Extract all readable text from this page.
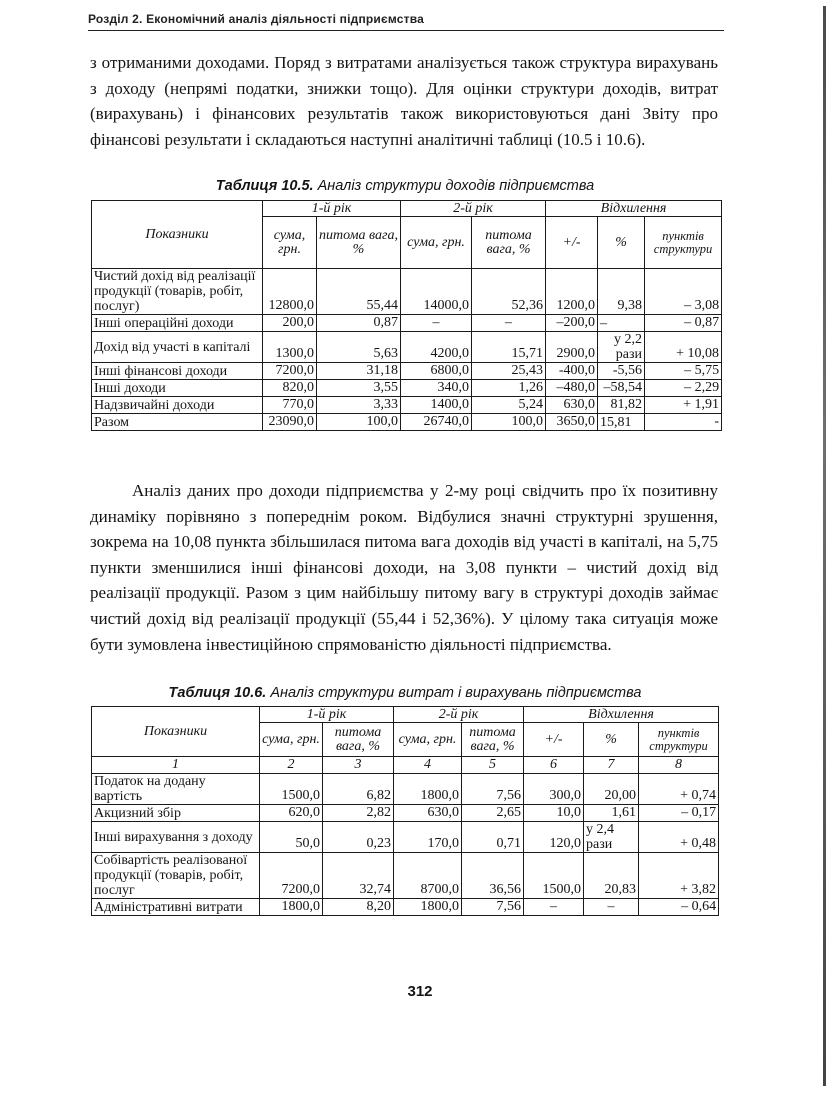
Розділ 2. Економічний аналіз діяльності підприємства

з отриманими доходами. Поряд з витратами аналізується також структура вирахувань з доходу (непрямі податки, знижки тощо). Для оцінки структури доходів, витрат (вирахувань) і фінансових результатів також використовуються дані Звіту про фінансові результати і складаються наступні аналітичні таблиці (10.5 і 10.6).

Таблиця 10.5. Аналіз структури доходів підприємства
Показники	1-й рік		2-й рік		Відхилення		
	сума, грн.	питома вага, %	сума, грн.	питома вага, %	+/-	%	пунктів структури
Чистий дохід від реалізації продукції (товарів, робіт, послуг)	12800,0	55,44	14000,0	52,36	1200,0	9,38	– 3,08
Інші операційні доходи	200,0	0,87	–	–	–200,0	–	– 0,87
Дохід від участі в капіталі	1300,0	5,63	4200,0	15,71	2900,0	у 2,2 рази	+ 10,08
Інші фінансові доходи	7200,0	31,18	6800,0	25,43	-400,0	-5,56	– 5,75
Інші доходи	820,0	3,55	340,0	1,26	–480,0	–58,54	– 2,29
Надзвичайні доходи	770,0	3,33	1400,0	5,24	630,0	81,82	+ 1,91
Разом	23090,0	100,0	26740,0	100,0	3650,0	15,81	-

Аналіз даних про доходи підприємства у 2-му році свідчить про їх позитивну динаміку порівняно з попереднім роком. Відбулися значні структурні зрушення, зокрема на 10,08 пункта збільшилася питома вага доходів від участі в капіталі, на 5,75 пункти зменшилися інші фінансові доходи, на 3,08 пункти – чистий дохід від реалізації продукції. Разом з цим найбільшу питому вагу в структурі доходів займає чистий дохід від реалізації продукції (55,44 і 52,36%). У цілому така ситуація може бути зумовлена інвестиційною спрямованістю діяльності підприємства.

Таблиця 10.6. Аналіз структури витрат і вирахувань підприємства
Показники	1-й рік		2-й рік		Відхилення		
	сума, грн.	питома вага, %	сума, грн.	питома вага, %	+/-	%	пунктів структури
1	2	3	4	5	6	7	8
Податок на додану вартість	1500,0	6,82	1800,0	7,56	300,0	20,00	+ 0,74
Акцизний збір	620,0	2,82	630,0	2,65	10,0	1,61	– 0,17
Інші вирахування з доходу	50,0	0,23	170,0	0,71	120,0	у 2,4 рази	+ 0,48
Собівартість реалізованої продукції (товарів, робіт, послуг	7200,0	32,74	8700,0	36,56	1500,0	20,83	+ 3,82
Адміністративні витрати	1800,0	8,20	1800,0	7,56	–	–	– 0,64
312
